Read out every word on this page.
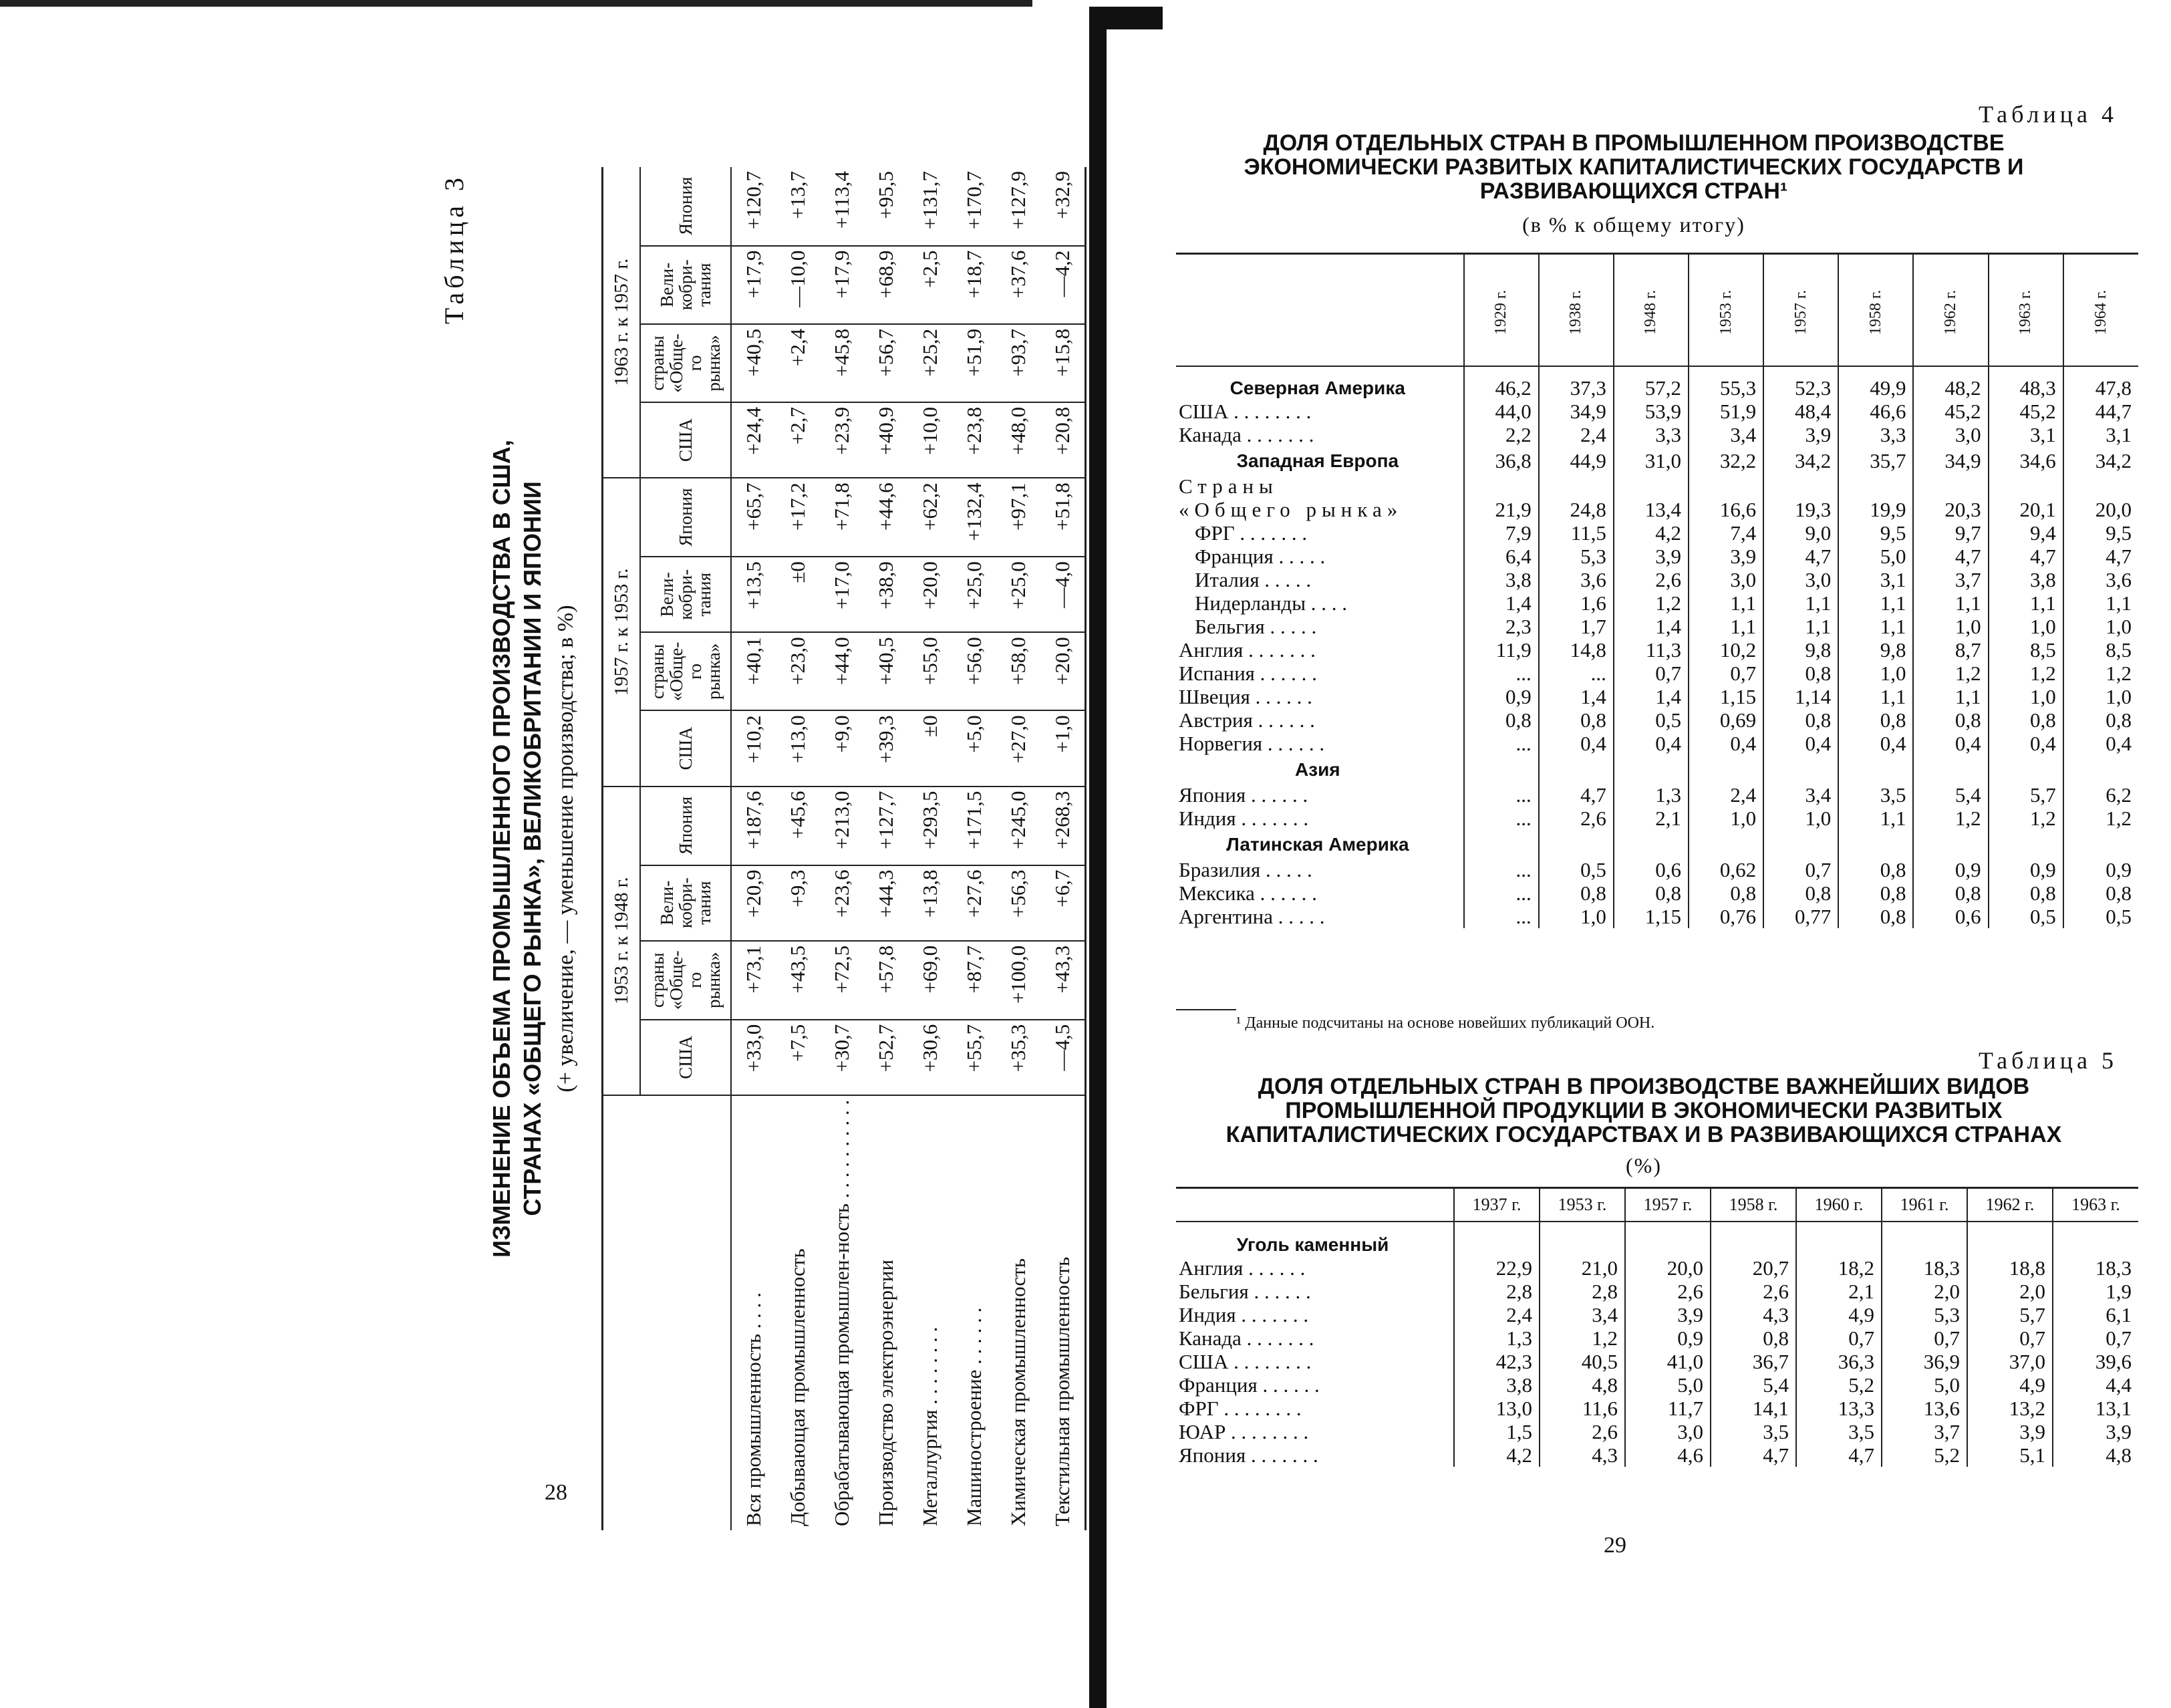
Таблица 3
ИЗМЕНЕНИЕ ОБЪЕМА ПРОМЫШЛЕННОГО ПРОИЗВОДСТВА В США, СТРАНАХ «ОБЩЕГО РЫНКА», ВЕЛИКОБРИТАНИИ И ЯПОНИИ (+ увеличение, — уменьшение производства; в %)
	1953 г. к 1948 г.				1957 г. к 1953 г.				1963 г. к 1957 г.			
	США	страны «Обще-го рынка»	Вели-кобри-тания	Япония	США	страны «Обще-го рынка»	Вели-кобри-тания	Япония	США	страны «Обще-го рынка»	Вели-кобри-тания	Япония
Вся промышленность . . . .	+33,0	+73,1	+20,9	+187,6	+10,2	+40,1	+13,5	+65,7	+24,4	+40,5	+17,9	+120,7
Добывающая промышленность	+7,5	+43,5	+9,3	+45,6	+13,0	+23,0	±0	+17,2	+2,7	+2,4	—10,0	+13,7
Обрабатывающая промышлен-ность . . . . . . . . . .	+30,7	+72,5	+23,6	+213,0	+9,0	+44,0	+17,0	+71,8	+23,9	+45,8	+17,9	+113,4
Производство электроэнергии	+52,7	+57,8	+44,3	+127,7	+39,3	+40,5	+38,9	+44,6	+40,9	+56,7	+68,9	+95,5
Металлургия . . . . . . . .	+30,6	+69,0	+13,8	+293,5	±0	+55,0	+20,0	+62,2	+10,0	+25,2	+2,5	+131,7
Машиностроение . . . . . .	+55,7	+87,7	+27,6	+171,5	+5,0	+56,0	+25,0	+132,4	+23,8	+51,9	+18,7	+170,7
Химическая промышленность	+35,3	+100,0	+56,3	+245,0	+27,0	+58,0	+25,0	+97,1	+48,0	+93,7	+37,6	+127,9
Текстильная промышленность	—4,5	+43,3	+6,7	+268,3	+1,0	+20,0	—4,0	+51,8	+20,8	+15,8	—4,2	+32,9
28
Таблица 4
ДОЛЯ ОТДЕЛЬНЫХ СТРАН В ПРОМЫШЛЕННОМ ПРОИЗВОДСТВЕ ЭКОНОМИЧЕСКИ РАЗВИТЫХ КАПИТАЛИСТИЧЕСКИХ ГОСУДАРСТВ И РАЗВИВАЮЩИХСЯ СТРАН¹
(в % к общему итогу)
	1929 г.	1938 г.	1948 г.	1953 г.	1957 г.	1958 г.	1962 г.	1963 г.	1964 г.
Северная Америка	46,2	37,3	57,2	55,3	52,3	49,9	48,2	48,3	47,8
США . . . . . . . .	44,0	34,9	53,9	51,9	48,4	46,6	45,2	45,2	44,7
Канада . . . . . . .	2,2	2,4	3,3	3,4	3,9	3,3	3,0	3,1	3,1
Западная Европа	36,8	44,9	31,0	32,2	34,2	35,7	34,9	34,6	34,2
Страны									
«Общего рынка»	21,9	24,8	13,4	16,6	19,3	19,9	20,3	20,1	20,0
ФРГ . . . . . . .	7,9	11,5	4,2	7,4	9,0	9,5	9,7	9,4	9,5
Франция . . . . .	6,4	5,3	3,9	3,9	4,7	5,0	4,7	4,7	4,7
Италия . . . . .	3,8	3,6	2,6	3,0	3,0	3,1	3,7	3,8	3,6
Нидерланды . . . .	1,4	1,6	1,2	1,1	1,1	1,1	1,1	1,1	1,1
Бельгия . . . . .	2,3	1,7	1,4	1,1	1,1	1,1	1,0	1,0	1,0
Англия . . . . . . .	11,9	14,8	11,3	10,2	9,8	9,8	8,7	8,5	8,5
Испания . . . . . .	...	...	0,7	0,7	0,8	1,0	1,2	1,2	1,2
Швеция . . . . . .	0,9	1,4	1,4	1,15	1,14	1,1	1,1	1,0	1,0
Австрия . . . . . .	0,8	0,8	0,5	0,69	0,8	0,8	0,8	0,8	0,8
Норвегия . . . . . .	...	0,4	0,4	0,4	0,4	0,4	0,4	0,4	0,4
Азия									
Япония . . . . . .	...	4,7	1,3	2,4	3,4	3,5	5,4	5,7	6,2
Индия . . . . . . .	...	2,6	2,1	1,0	1,0	1,1	1,2	1,2	1,2
Латинская Америка									
Бразилия . . . . .	...	0,5	0,6	0,62	0,7	0,8	0,9	0,9	0,9
Мексика . . . . . .	...	0,8	0,8	0,8	0,8	0,8	0,8	0,8	0,8
Аргентина . . . . .	...	1,0	1,15	0,76	0,77	0,8	0,6	0,5	0,5
¹ Данные подсчитаны на основе новейших публикаций ООН.
Таблица 5
ДОЛЯ ОТДЕЛЬНЫХ СТРАН В ПРОИЗВОДСТВЕ ВАЖНЕЙШИХ ВИДОВ ПРОМЫШЛЕННОЙ ПРОДУКЦИИ В ЭКОНОМИЧЕСКИ РАЗВИТЫХ КАПИТАЛИСТИЧЕСКИХ ГОСУДАРСТВАХ И В РАЗВИВАЮЩИХСЯ СТРАНАХ
(%)
	1937 г.	1953 г.	1957 г.	1958 г.	1960 г.	1961 г.	1962 г.	1963 г.
Уголь каменный								
Англия . . . . . .	22,9	21,0	20,0	20,7	18,2	18,3	18,8	18,3
Бельгия . . . . . .	2,8	2,8	2,6	2,6	2,1	2,0	2,0	1,9
Индия . . . . . . .	2,4	3,4	3,9	4,3	4,9	5,3	5,7	6,1
Канада . . . . . . .	1,3	1,2	0,9	0,8	0,7	0,7	0,7	0,7
США . . . . . . . .	42,3	40,5	41,0	36,7	36,3	36,9	37,0	39,6
Франция . . . . . .	3,8	4,8	5,0	5,4	5,2	5,0	4,9	4,4
ФРГ . . . . . . . .	13,0	11,6	11,7	14,1	13,3	13,6	13,2	13,1
ЮАР . . . . . . . .	1,5	2,6	3,0	3,5	3,5	3,7	3,9	3,9
Япония . . . . . . .	4,2	4,3	4,6	4,7	4,7	5,2	5,1	4,8
29
